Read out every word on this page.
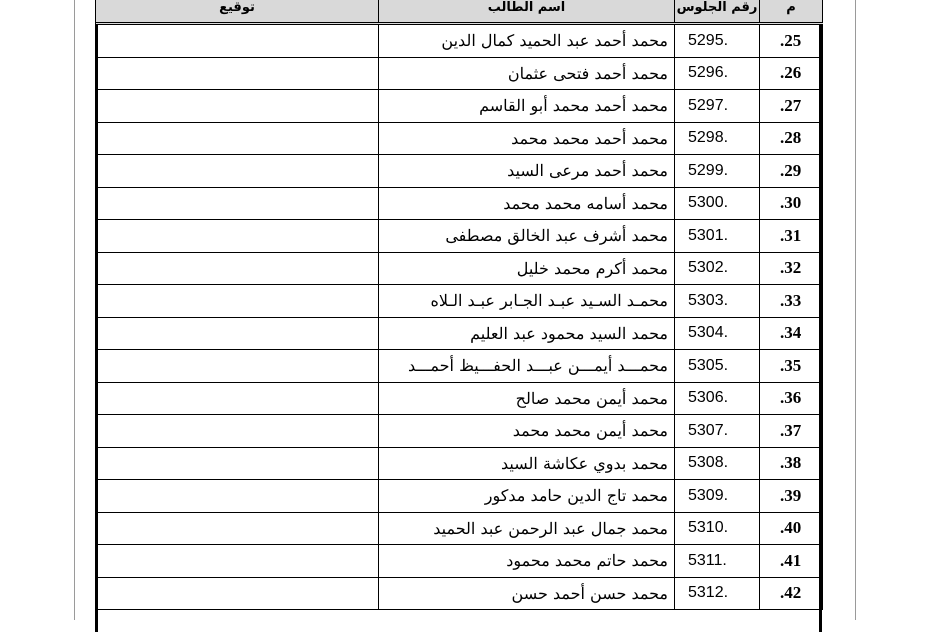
م	رقم الجلوس	اسم الطالب	توقيع
.25	5295.	محمد أحمد عبد الحميد كمال الدين	
.26	5296.	محمد أحمد فتحى عثمان	
.27	5297.	محمد أحمد محمد أبو القاسم	
.28	5298.	محمد أحمد محمد محمد	
.29	5299.	محمد أحمد مرعى السيد	
.30	5300.	محمد أسامه محمد محمد	
.31	5301.	محمد أشرف عبد الخالق مصطفى	
.32	5302.	محمد أكرم محمد خليل	
.33	5303.	محمـد السـيد عبـد الجـابر عبـد الـلاه	
.34	5304.	محمد السيد محمود عبد العليم	
.35	5305.	محمـــد أيمـــن عبـــد الحفـــيظ أحمـــد	
.36	5306.	محمد أيمن محمد صالح	
.37	5307.	محمد أيمن محمد محمد	
.38	5308.	محمد بدوي عكاشة السيد	
.39	5309.	محمد تاج الدين حامد مدكور	
.40	5310.	محمد جمال عبد الرحمن عبد الحميد	
.41	5311.	محمد حاتم محمد محمود	
.42	5312.	محمد حسن أحمد حسن	
